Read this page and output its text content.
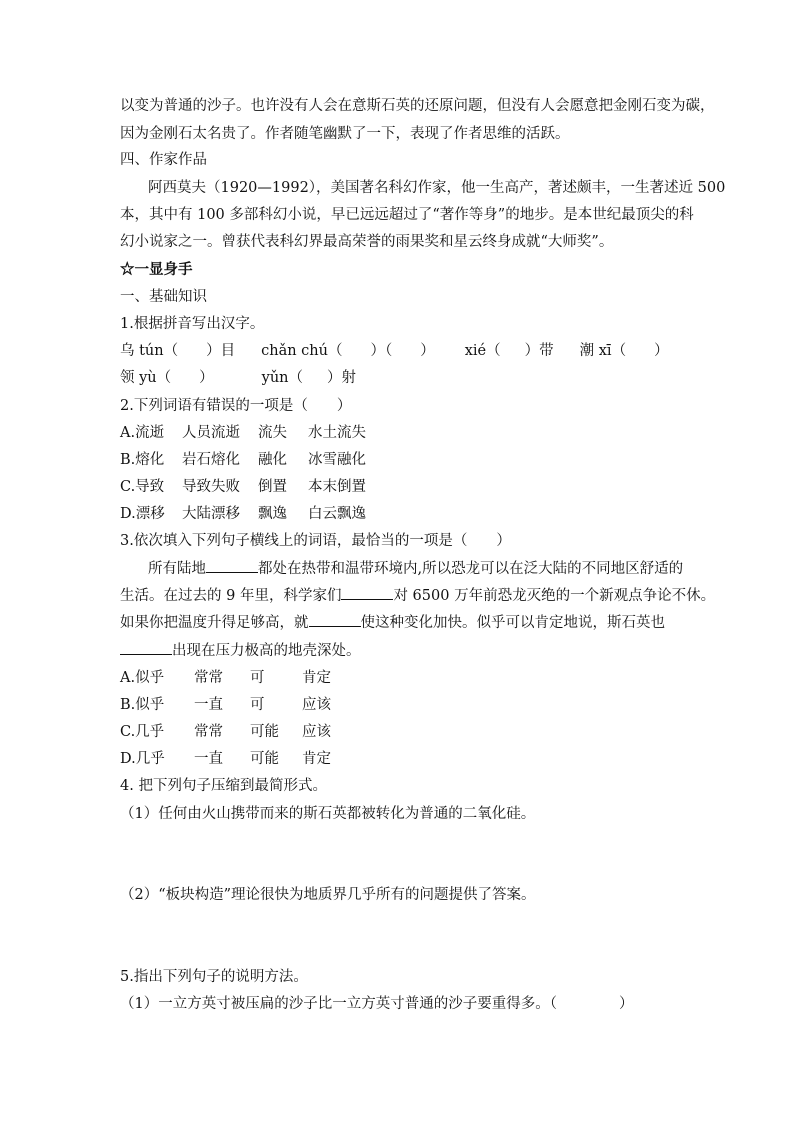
以变为普通的沙子。也许没有人会在意斯石英的还原问题，但没有人会愿意把金刚石变为碳，
因为金刚石太名贵了。作者随笔幽默了一下，表现了作者思维的活跃。
四、作家作品
阿西莫夫（1920—1992），美国著名科幻作家，他一生高产，著述颇丰，一生著述近 500
本，其中有 100 多部科幻小说，早已远远超过了“著作等身”的地步。是本世纪最顶尖的科
幻小说家之一。曾获代表科幻界最高荣誉的雨果奖和星云终身成就“大师奖”。
☆一显身手
一、基础知识
1.根据拼音写出汉字。
乌 tún（ ）目 chǎn chú（ ）（ ） xié（ ）带 潮 xī（ ）
领 yù（ ）	yǔn（ ）射
2.下列词语有错误的一项是（　　）
A.流逝 人员流逝 流失 水土流失
B.熔化 岩石熔化 融化 冰雪融化
C.导致 导致失败 倒置 本末倒置
D.漂移 大陆漂移 飘逸 白云飘逸
3.依次填入下列句子横线上的词语，最恰当的一项是（　　）
所有陆地	都处在热带和温带环境内,所以恐龙可以在泛大陆的不同地区舒适的
生活。在过去的 9 年里，科学家们	对 6500 万年前恐龙灭绝的一个新观点争论不休。
如果你把温度升得足够高，就	使这种变化加快。似乎可以肯定地说，斯石英也
出现在压力极高的地壳深处。
A.似乎 常常 可	肯定
B.似乎 一直 可	应该
C.几乎 常常 可能 应该
D.几乎 一直 可能 肯定
4. 把下列句子压缩到最简形式。
（1）任何由火山携带而来的斯石英都被转化为普通的二氧化硅。
（2）“板块构造”理论很快为地质界几乎所有的问题提供了答案。
5.指出下列句子的说明方法。
（1）一立方英寸被压扁的沙子比一立方英寸普通的沙子要重得多。（	）
